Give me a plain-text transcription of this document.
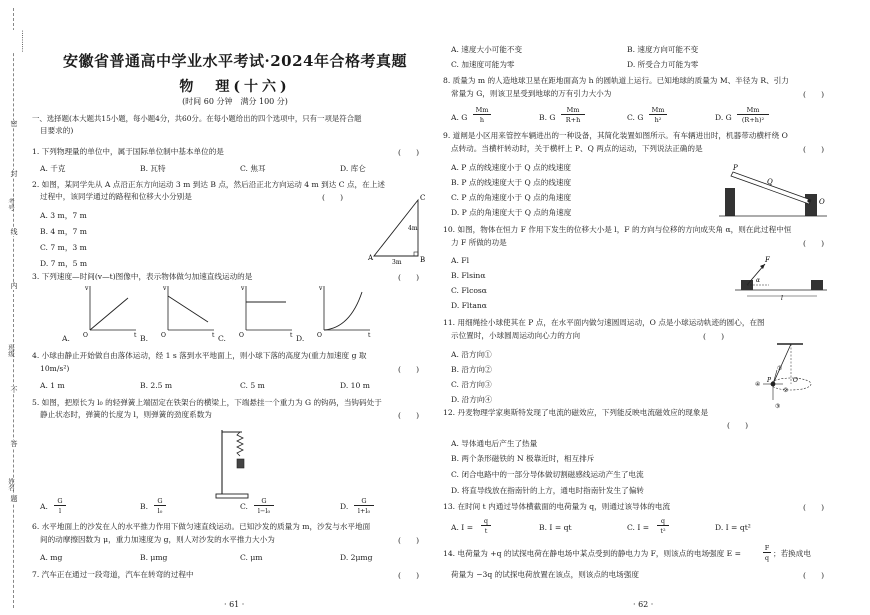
··········
密
封
线
内
不
答
题
考号
班级
姓名
安徽省普通高中学业水平考试·2024年合格考真题
物　理(十六)
(时间 60 分钟　满分 100 分)
一、选择题(本大题共15小题，每小题4分，共60分。在每小题给出的四个选项中，只有一项是符合题
目要求的)
1. 下列物理量的单位中，属于国际单位制中基本单位的是	(　　)
A. 千克	B. 瓦特	C. 焦耳	D. 库仑
2. 如图，某同学先从 A 点沿正东方向运动 3 m 到达 B 点，然后沿正北方向运动 4 m 到达 C 点，在上述
过程中，该同学通过的路程和位移大小分别是	(　　)
A. 3 m，7 m
B. 4 m，7 m
C. 7 m，3 m
D. 7 m，5 m
A	B
C
3m
4m
3. 下列速度—时间(v—t)图像中，表示物体做匀加速直线运动的是	(　　)
v
t
O
v
t
O
v
t
O
v
t
O
A.	B.	C.	D.
4. 小球由静止开始做自由落体运动，经 1 s 落到水平地面上，则小球下落的高度为(重力加速度 g 取
10m/s²)	(　　)
A. 1 m	B. 2.5 m	C. 5 m	D. 10 m
5. 如图，把原长为 l₀ 的轻弹簧上端固定在铁架台的横梁上，下端悬挂一个重力为 G 的钩码，当钩码处于
静止状态时，弹簧的长度为 l，则弹簧的劲度系数为	(　　)
A.
G
l	B.
G
l₀	C.
G
l−l₀	D.
G
l+l₀
6. 水平地面上的沙发在人的水平推力作用下做匀速直线运动。已知沙发的质量为 m，沙发与水平地面
间的动摩擦因数为 μ，重力加速度为 g，则人对沙发的水平推力大小为	(　　)
A. mg	B. μmg	C. μm	D. 2μmg
7. 汽车正在通过一段弯道，汽车在转弯的过程中	(　　)
· 61 ·
A. 速度大小可能不变	B. 速度方向可能不变
C. 加速度可能为零	D. 所受合力可能为零
8. 质量为 m 的人造地球卫星在距地面高为 h 的圆轨道上运行。已知地球的质量为 M、半径为 R、引力
常量为 G，则该卫星受到地球的万有引力大小为	(　　)
A. G
Mm
h	B. G
Mm
R+h	C. G
Mm
h²	D. G
Mm
(R+h)²
9. 道闸是小区用来管控车辆进出的一种设备，其简化装置如图所示。有车辆进出时，机器带动横杆绕 O
点转动。当横杆转动时，关于横杆上 P、Q 两点的运动，下列说法正确的是	(　　)
A. P 点的线速度小于 Q 点的线速度
B. P 点的线速度大于 Q 点的线速度
C. P 点的角速度小于 Q 点的角速度
D. P 点的角速度大于 Q 点的角速度
P
Q
O
10. 如图，物体在恒力 F 作用下发生的位移大小是 l，F 的方向与位移的方向成夹角 α，则在此过程中恒
力 F 所做的功是	(　　)
A. Fl
B. Flsinα
C. Flcosα
D. Fltanα
F
α
l
11. 用细绳拴小球使其在 P 点，在水平面内做匀速圆周运动，O 点是小球运动轨迹的圆心，在图
示位置时，小球圆周运动向心力的方向	(　　)
A. 沿方向①
B. 沿方向②
C. 沿方向③
D. 沿方向④
P	O
①
②
③
④
12. 丹麦物理学家奥斯特发现了电流的磁效应，下列能反映电流磁效应的现象是
(　　)
A. 导体通电后产生了热量
B. 两个条形磁铁的 N 极靠近时，相互排斥
C. 闭合电路中的一部分导体做切割磁感线运动产生了电流
D. 将直导线放在指南针的上方，通电时指南针发生了偏转
13. 在时间 t 内通过导体横截面的电荷量为 q，则通过该导体的电流	(　　)
A. I =
q
t	B. I = qt	C. I =
q
t²	D. I = qt²
14. 电荷量为 +q 的试探电荷在静电场中某点受到的静电力为 F，则该点的电场强度 E =
F
q ；若换成电
荷量为 −3q 的试探电荷放置在该点，则该点的电场强度	(　　)
· 62 ·
